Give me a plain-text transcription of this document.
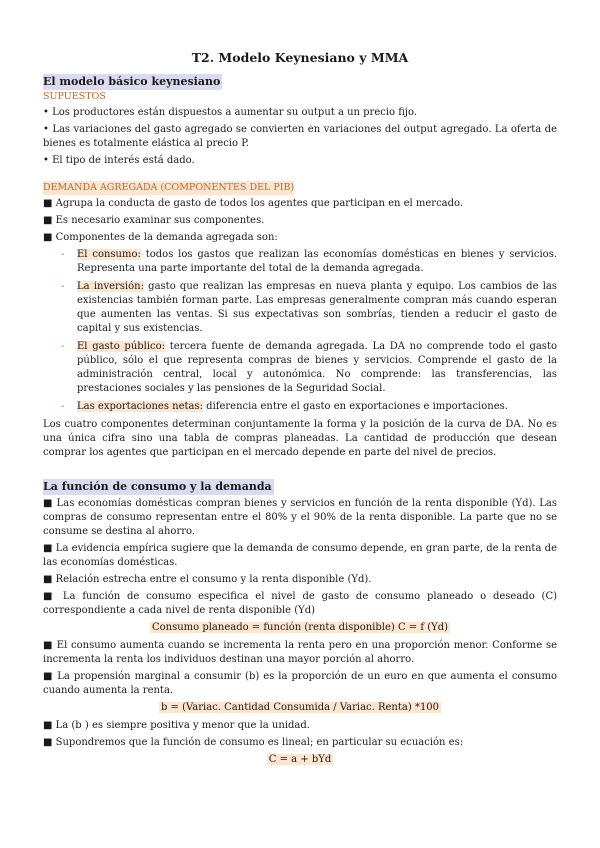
T2. Modelo Keynesiano y MMA
El modelo básico keynesiano
SUPUESTOS

• Los productores están dispuestos a aumentar su output a un precio fijo.

• Las variaciones del gasto agregado se convierten en variaciones del output agregado. La oferta de bienes es totalmente elástica al precio P.

• El tipo de interés está dado.

DEMANDA AGREGADA (COMPONENTES DEL PIB)

■ Agrupa la conducta de gasto de todos los agentes que participan en el mercado.

■ Es necesario examinar sus componentes.

■ Componentes de la demanda agregada son:

- El consumo: todos los gastos que realizan las economías domésticas en bienes y servicios. Representa una parte importante del total de la demanda agregada.
- La inversión: gasto que realizan las empresas en nueva planta y equipo. Los cambios de las existencias también forman parte. Las empresas generalmente compran más cuando esperan que aumenten las ventas. Si sus expectativas son sombrías, tienden a reducir el gasto de capital y sus existencias.
- El gasto público: tercera fuente de demanda agregada. La DA no comprende todo el gasto público, sólo el que representa compras de bienes y servicios. Comprende el gasto de la administración central, local y autonómica. No comprende: las transferencias, las prestaciones sociales y las pensiones de la Seguridad Social.
- Las exportaciones netas: diferencia entre el gasto en exportaciones e importaciones.

Los cuatro componentes determinan conjuntamente la forma y la posición de la curva de DA. No es una única cifra sino una tabla de compras planeadas. La cantidad de producción que desean comprar los agentes que participan en el mercado depende en parte del nivel de precios.

La función de consumo y la demanda

■ Las economías domésticas compran bienes y servicios en función de la renta disponible (Yd). Las compras de consumo representan entre el 80% y el 90% de la renta disponible. La parte que no se consume se destina al ahorro.

■ La evidencia empírica sugiere que la demanda de consumo depende, en gran parte, de la renta de las economías domésticas.

■ Relación estrecha entre el consumo y la renta disponible (Yd).

■ La función de consumo especifica el nivel de gasto de consumo planeado o deseado (C) correspondiente a cada nivel de renta disponible (Yd)

Consumo planeado = función (renta disponible) C = f (Yd)

■ El consumo aumenta cuando se incrementa la renta pero en una proporción menor. Conforme se incrementa la renta los individuos destinan una mayor porción al ahorro.

■ La propensión marginal a consumir (b) es la proporción de un euro en que aumenta el consumo cuando aumenta la renta.

b = (Variac. Cantidad Consumida / Variac. Renta) *100

■ La (b ) es siempre positiva y menor que la unidad.

■ Supondremos que la función de consumo es lineal; en particular su ecuación es:

C = a + bYd
